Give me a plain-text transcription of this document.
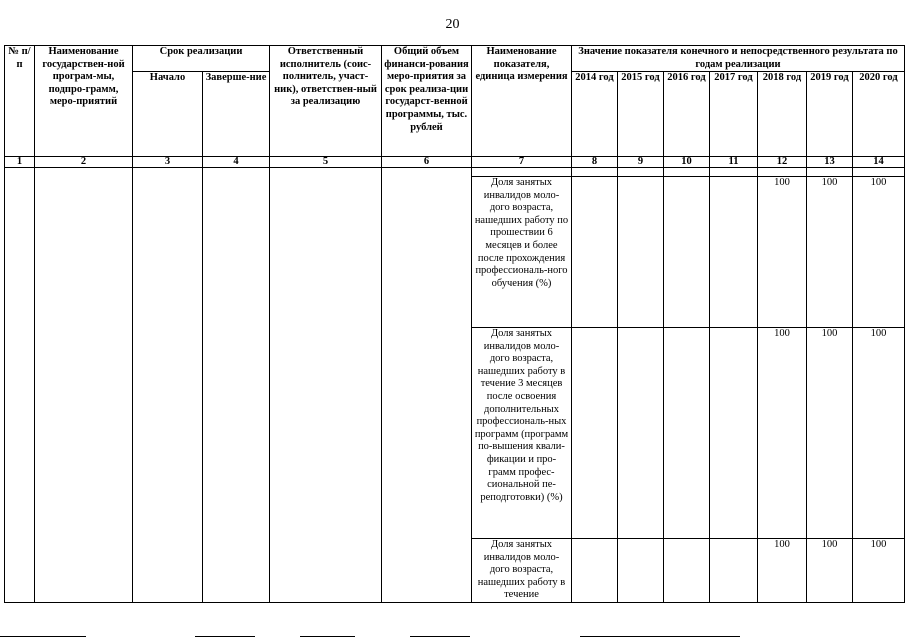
20
№ п/п	Наименование государствен-ной програм-мы, подпро-грамм, меро-приятий	Срок реализации		Ответственный исполнитель (соис-полнитель, участ-ник), ответствен-ный за реализацию	Общий объем финанси-рования меро-приятия за срок реализа-ции государст-венной программы, тыс. рублей	Наименование показателя, единица измерения	Значение показателя конечного и непосредственного результата по годам реализации						
		Начало	Заверше-ние				2014 год	2015 год	2016 год	2017 год	2018 год	2019 год	2020 год
1	2	3	4	5	6	7	8	9	10	11	12	13	14

						Доля занятых инвалидов моло-дого возраста, нашедших работу по прошествии 6 месяцев и более после прохождения профессиональ-ного обучения (%)					100	100	100
						Доля занятых инвалидов моло-дого возраста, нашедших работу в течение 3 месяцев после освоения дополнительных профессиональ-ных программ (программ по-вышения квали-фикации и про-грамм профес-сиональной пе-реподготовки) (%)					100	100	100
						Доля занятых инвалидов моло-дого возраста, нашедших работу в течение					100	100	100
